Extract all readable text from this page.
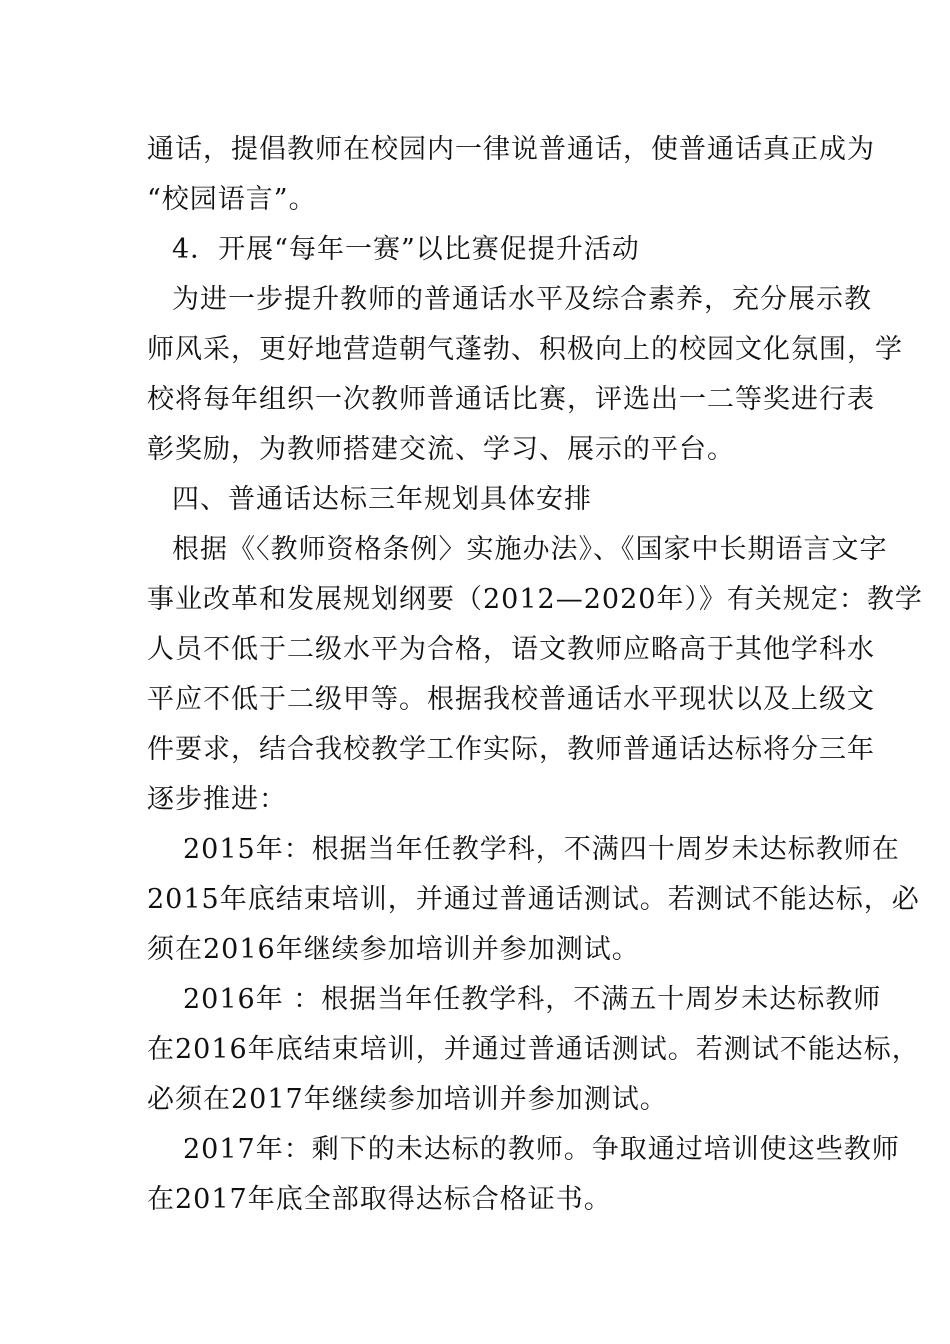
通话，提倡教师在校园内一律说普通话，使普通话真正成为
“校园语言”。
4．开展“每年一赛”以比赛促提升活动
为进一步提升教师的普通话水平及综合素养，充分展示教
师风采，更好地营造朝气蓬勃、积极向上的校园文化氛围，学
校将每年组织一次教师普通话比赛，评选出一二等奖进行表
彰奖励，为教师搭建交流、学习、展示的平台。
四、普通话达标三年规划具体安排
根据《〈教师资格条例〉实施办法》、《国家中长期语言文字
事业改革和发展规划纲要（2012—2020年）》有关规定：教学
人员不低于二级水平为合格，语文教师应略高于其他学科水
平应不低于二级甲等。根据我校普通话水平现状以及上级文
件要求，结合我校教学工作实际，教师普通话达标将分三年
逐步推进：
2015年：根据当年任教学科，不满四十周岁未达标教师在
2015年底结束培训，并通过普通话测试。若测试不能达标，必
须在2016年继续参加培训并参加测试。
2016年 ：根据当年任教学科，不满五十周岁未达标教师
在2016年底结束培训，并通过普通话测试。若测试不能达标，
必须在2017年继续参加培训并参加测试。
2017年：剩下的未达标的教师。争取通过培训使这些教师
在2017年底全部取得达标合格证书。
